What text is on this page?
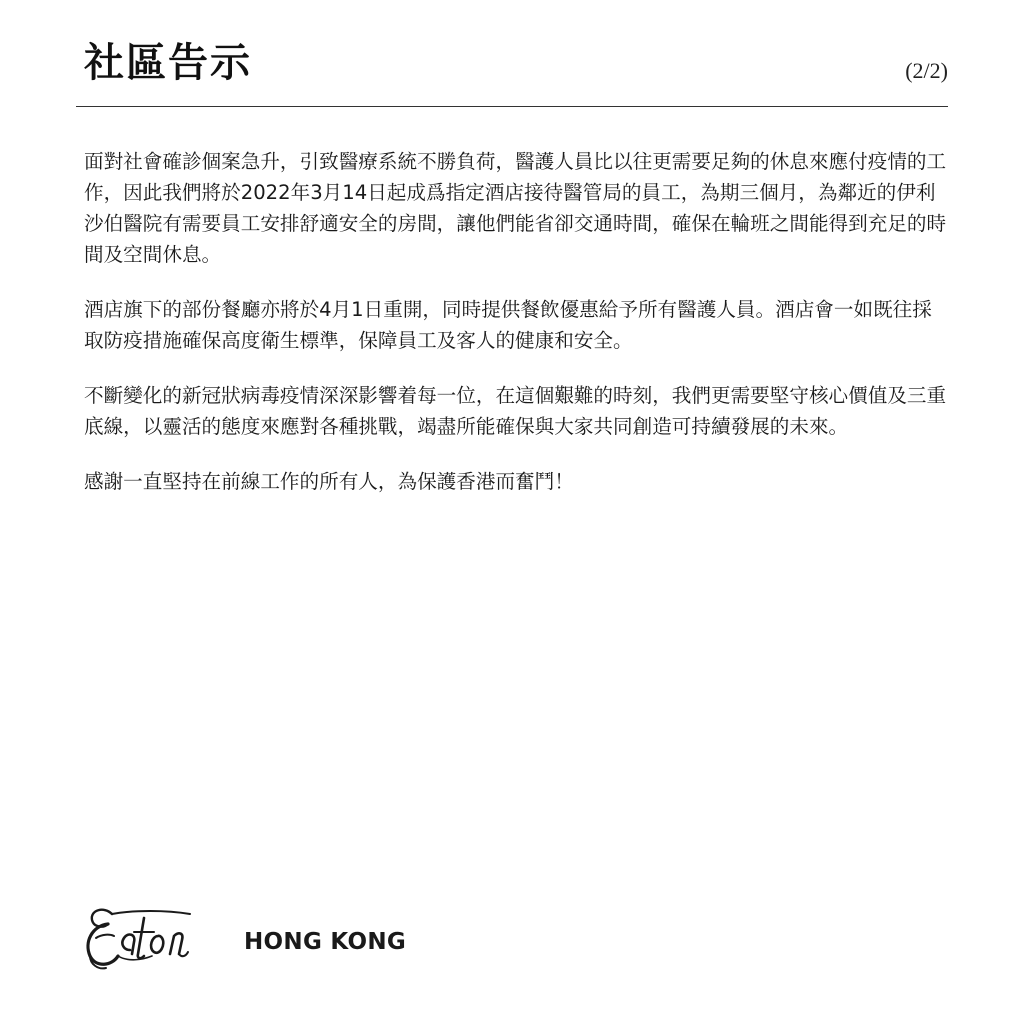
社區告示	(2/2)

面對社會確診個案急升，引致醫療系統不勝負荷，醫護人員比以往更需要足夠的休息來應付疫情的工作，因此我們將於2022年3月14日起成爲指定酒店接待醫管局的員工，為期三個月，為鄰近的伊利沙伯醫院有需要員工安排舒適安全的房間，讓他們能省卻交通時間，確保在輪班之間能得到充足的時間及空間休息。

酒店旗下的部份餐廳亦將於4月1日重開，同時提供餐飲優惠給予所有醫護人員。酒店會一如既往採取防疫措施確保高度衛生標準，保障員工及客人的健康和安全。

不斷變化的新冠狀病毒疫情深深影響着每一位，在這個艱難的時刻，我們更需要堅守核心價值及三重底線，以靈活的態度來應對各種挑戰，竭盡所能確保與大家共同創造可持續發展的未來。

感謝一直堅持在前線工作的所有人，為保護香港而奮鬥！

HONG KONG
